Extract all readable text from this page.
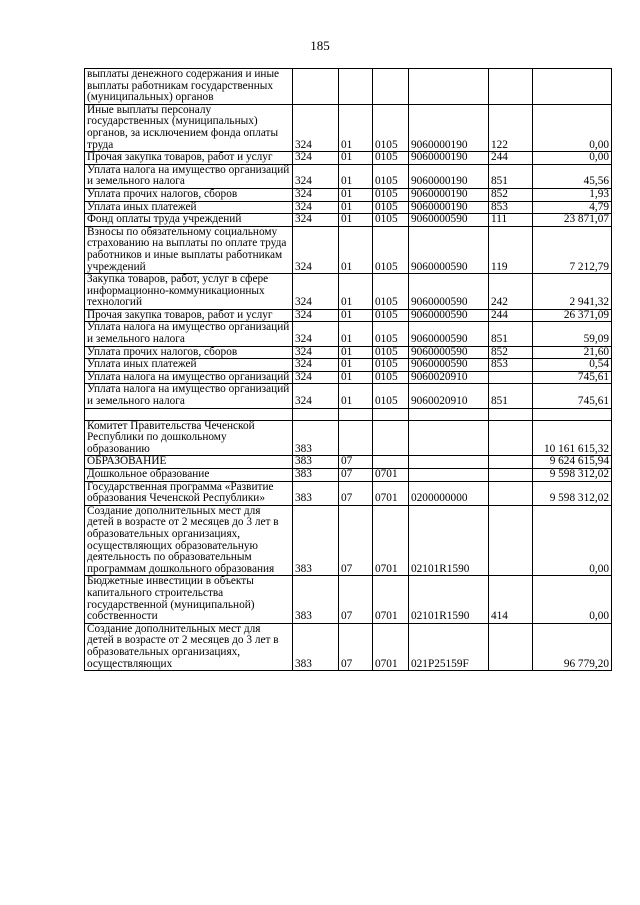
185
выплаты денежного содержания и иные выплаты работникам государственных (муниципальных) органов						
Иные выплаты персоналу государственных (муниципальных) органов, за исключением фонда оплаты труда	324	01	0105	9060000190	122	0,00
Прочая закупка товаров, работ и услуг	324	01	0105	9060000190	244	0,00
Уплата налога на имущество организаций и земельного налога	324	01	0105	9060000190	851	45,56
Уплата прочих налогов, сборов	324	01	0105	9060000190	852	1,93
Уплата иных платежей	324	01	0105	9060000190	853	4,79
Фонд оплаты труда учреждений	324	01	0105	9060000590	111	23 871,07
Взносы по обязательному социальному страхованию на выплаты по оплате труда работников и иные выплаты работникам учреждений	324	01	0105	9060000590	119	7 212,79
Закупка товаров, работ, услуг в сфере информационно-коммуникационных технологий	324	01	0105	9060000590	242	2 941,32
Прочая закупка товаров, работ и услуг	324	01	0105	9060000590	244	26 371,09
Уплата налога на имущество организаций и земельного налога	324	01	0105	9060000590	851	59,09
Уплата прочих налогов, сборов	324	01	0105	9060000590	852	21,60
Уплата иных платежей	324	01	0105	9060000590	853	0,54
Уплата налога на имущество организаций	324	01	0105	9060020910		745,61
Уплата налога на имущество организаций и земельного налога	324	01	0105	9060020910	851	745,61

Комитет Правительства Чеченской Республики по дошкольному образованию	383					10 161 615,32
ОБРАЗОВАНИЕ	383	07				9 624 615,94
Дошкольное образование	383	07	0701			9 598 312,02
Государственная программа «Развитие образования Чеченской Республики»	383	07	0701	0200000000		9 598 312,02
Создание дополнительных мест для детей в возрасте от 2 месяцев до 3 лет в образовательных организациях, осуществляющих образовательную деятельность по образовательным программам дошкольного образования	383	07	0701	02101R1590		0,00
Бюджетные инвестиции в объекты капитального строительства государственной (муниципальной) собственности	383	07	0701	02101R1590	414	0,00
Создание дополнительных мест для детей в возрасте от 2 месяцев до 3 лет в образовательных организациях, осуществляющих	383	07	0701	021P25159F		96 779,20
